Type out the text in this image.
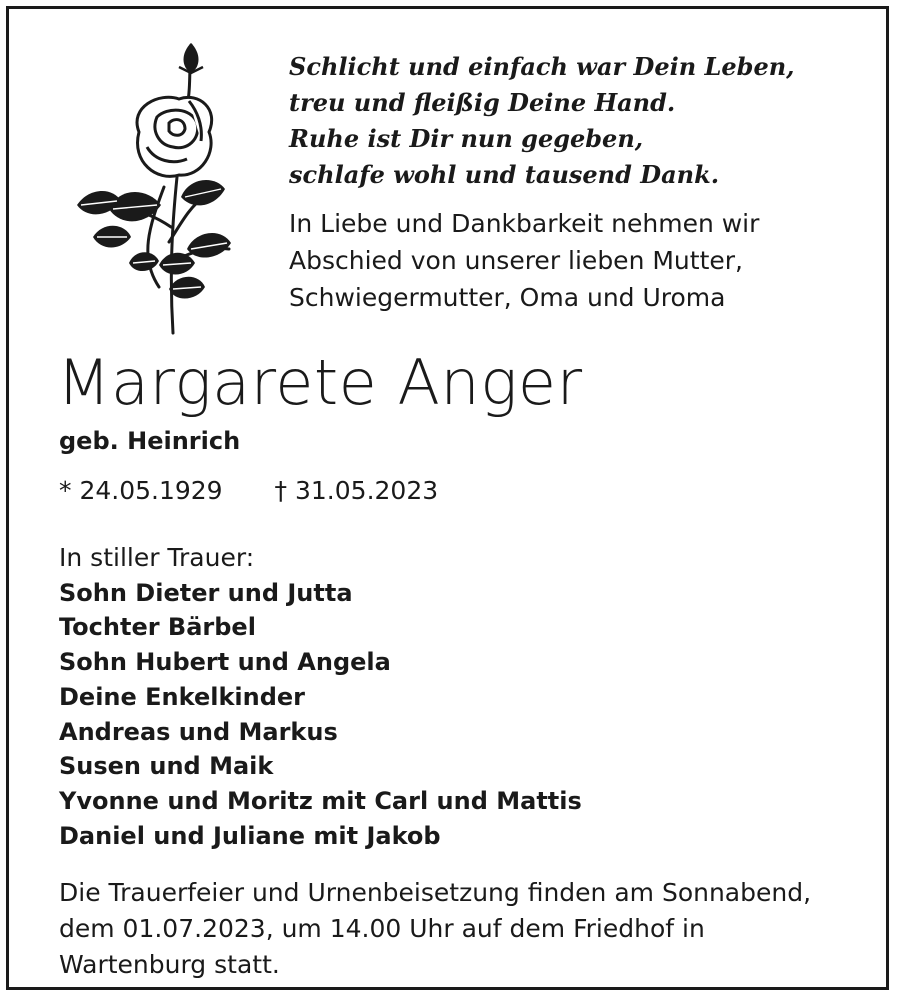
Schlicht und einfach war Dein Leben,
treu und fleißig Deine Hand.
Ruhe ist Dir nun gegeben,
schlafe wohl und tausend Dank.
In Liebe und Dankbarkeit nehmen wir
Abschied von unserer lieben Mutter,
Schwiegermutter, Oma und Uroma
Margarete Anger
geb. Heinrich
* 24.05.1929 † 31.05.2023
In stiller Trauer:
Sohn Dieter und Jutta
Tochter Bärbel
Sohn Hubert und Angela
Deine Enkelkinder
Andreas und Markus
Susen und Maik
Yvonne und Moritz mit Carl und Mattis
Daniel und Juliane mit Jakob
Die Trauerfeier und Urnenbeisetzung finden am Sonnabend,
dem 01.07.2023, um 14.00 Uhr auf dem Friedhof in
Wartenburg statt.
